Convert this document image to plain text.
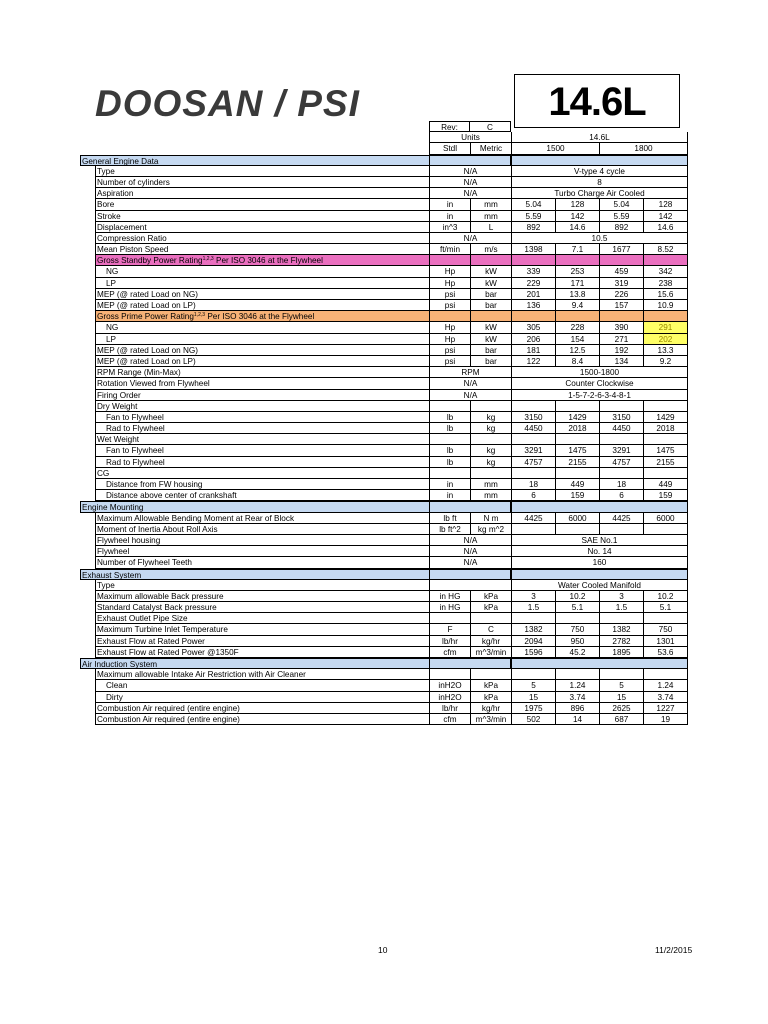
DOOSAN / PSI	14.6L
Rev:	C
Units	14.6L
Stdl	Metric	1500	1800
General Engine Data
Type	N/A	V-type 4 cycle
Number of cylinders	N/A	8
Aspiration	N/A	Turbo Charge Air Cooled
Bore	in	mm	5.04	128	5.04	128
Stroke	in	mm	5.59	142	5.59	142
Displacement	in^3	L	892	14.6	892	14.6
Compression Ratio	N/A	10.5
Mean Piston Speed	ft/min	m/s	1398	7.1	1677	8.52
Gross Standby Power Rating$^{1,2,3}$ Per ISO 3046 at the Flywheel
NG	Hp	kW	339	253	459	342
LP	Hp	kW	229	171	319	238
MEP (@ rated Load on NG)	psi	bar	201	13.8	226	15.6
MEP (@ rated Load on LP)	psi	bar	136	9.4	157	10.9
Gross Prime Power Rating$^{1,2,3}$ Per ISO 3046 at the Flywheel
NG	Hp	kW	305	228	390	291
LP	Hp	kW	206	154	271	202
MEP (@ rated Load on NG)	psi	bar	181	12.5	192	13.3
MEP (@ rated Load on LP)	psi	bar	122	8.4	134	9.2
RPM Range (Min-Max)	RPM	1500-1800
Rotation Viewed from Flywheel	N/A	Counter Clockwise
Firing Order	N/A	1-5-7-2-6-3-4-8-1
Dry Weight
Fan to Flywheel	lb	kg	3150	1429	3150	1429
Rad to Flywheel	lb	kg	4450	2018	4450	2018
Wet Weight
Fan to Flywheel	lb	kg	3291	1475	3291	1475
Rad to Flywheel	lb	kg	4757	2155	4757	2155
CG
Distance from FW housing	in	mm	18	449	18	449
Distance above center of crankshaft	in	mm	6	159	6	159
Engine Mounting
Maximum Allowable Bending Moment at Rear of Block	lb ft	N m	4425	6000	4425	6000
Moment of Inertia About Roll Axis	lb ft^2	kg m^2
Flywheel housing	N/A	SAE No.1
Flywheel	N/A	No. 14
Number of Flywheel Teeth	N/A	160
Exhaust System
Type	Water Cooled Manifold
Maximum allowable Back pressure	in HG	kPa	3	10.2	3	10.2
Standard Catalyst Back pressure	in HG	kPa	1.5	5.1	1.5	5.1
Exhaust Outlet Pipe Size
Maximum Turbine Inlet Temperature	F	C	1382	750	1382	750
Exhaust Flow at Rated Power	lb/hr	kg/hr	2094	950	2782	1301
Exhaust Flow at Rated Power @1350F	cfm	m^3/min	1596	45.2	1895	53.6
Air Induction System
Maximum allowable Intake Air Restriction with Air Cleaner
Clean	inH2O	kPa	5	1.24	5	1.24
Dirty	inH2O	kPa	15	3.74	15	3.74
Combustion Air required (entire engine)	lb/hr	kg/hr	1975	896	2625	1227
Combustion Air required (entire engine)	cfm	m^3/min	502	14	687	19
10	11/2/2015
